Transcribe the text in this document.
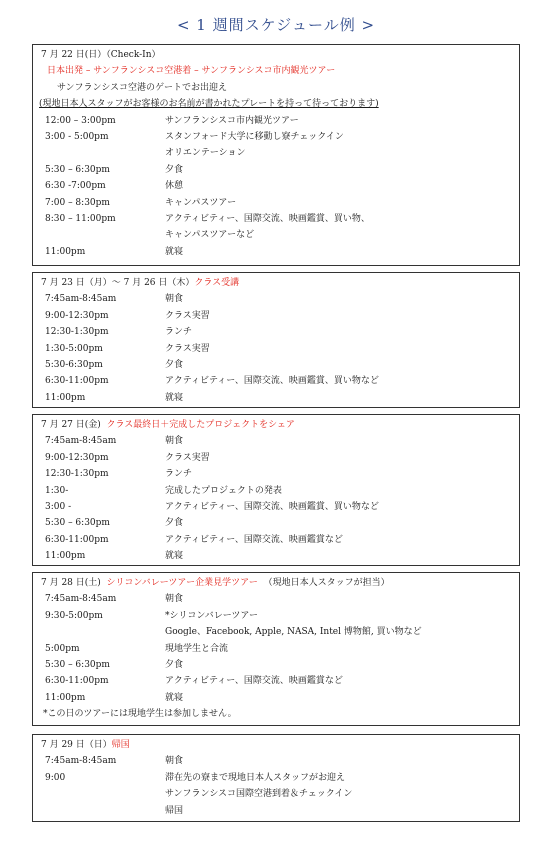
< 1 週間スケジュール例 >
7 月 22 日(日）（Check-In）
日本出発 – サンフランシスコ空港着 – サンフランシスコ市内観光ツアー
サンフランシスコ空港のゲートでお出迎え
(現地日本人スタッフがお客様のお名前が書かれたプレートを持って待っております)
12:00 – 3:00pm	サンフランシスコ市内観光ツアー
3:00 - 5:00pm	スタンフォード大学に移動し寮チェックイン
オリエンテーション
5:30 – 6:30pm	夕食
6:30 -7:00pm	休憩
7:00 – 8:30pm	キャンパスツアー
8:30 – 11:00pm	アクティビティー、国際交流、映画鑑賞、買い物、
キャンパスツアーなど
11:00pm	就寝
7 月 23 日（月）～ 7 月 26 日（木）クラス受講
7:45am-8:45am	朝食
9:00-12:30pm	クラス実習
12:30-1:30pm	ランチ
1:30-5:00pm	クラス実習
5:30-6:30pm	夕食
6:30-11:00pm	アクティビティー、国際交流、映画鑑賞、買い物など
11:00pm	就寝
7 月 27 日(金) クラス最終日＋完成したプロジェクトをシェア
7:45am-8:45am	朝食
9:00-12:30pm	クラス実習
12:30-1:30pm	ランチ
1:30-	完成したプロジェクトの発表
3:00 -	アクティビティー、国際交流、映画鑑賞、買い物など
5:30 – 6:30pm	夕食
6:30-11:00pm	アクティビティー、国際交流、映画鑑賞など
11:00pm	就寝
7 月 28 日(土) シリコンバレーツアー企業見学ツアー （現地日本人スタッフが担当）
7:45am-8:45am	朝食
9:30-5:00pm	*シリコンバレーツアー
Google、Facebook, Apple, NASA, Intel 博物館, 買い物など
5:00pm	現地学生と合流
5:30 – 6:30pm	夕食
6:30-11:00pm	アクティビティー、国際交流、映画鑑賞など
11:00pm	就寝
*この日のツアーには現地学生は参加しません。
7 月 29 日（日）帰国
7:45am-8:45am	朝食
9:00	滞在先の寮まで現地日本人スタッフがお迎え
サンフランシスコ国際空港到着＆チェックイン
帰国
